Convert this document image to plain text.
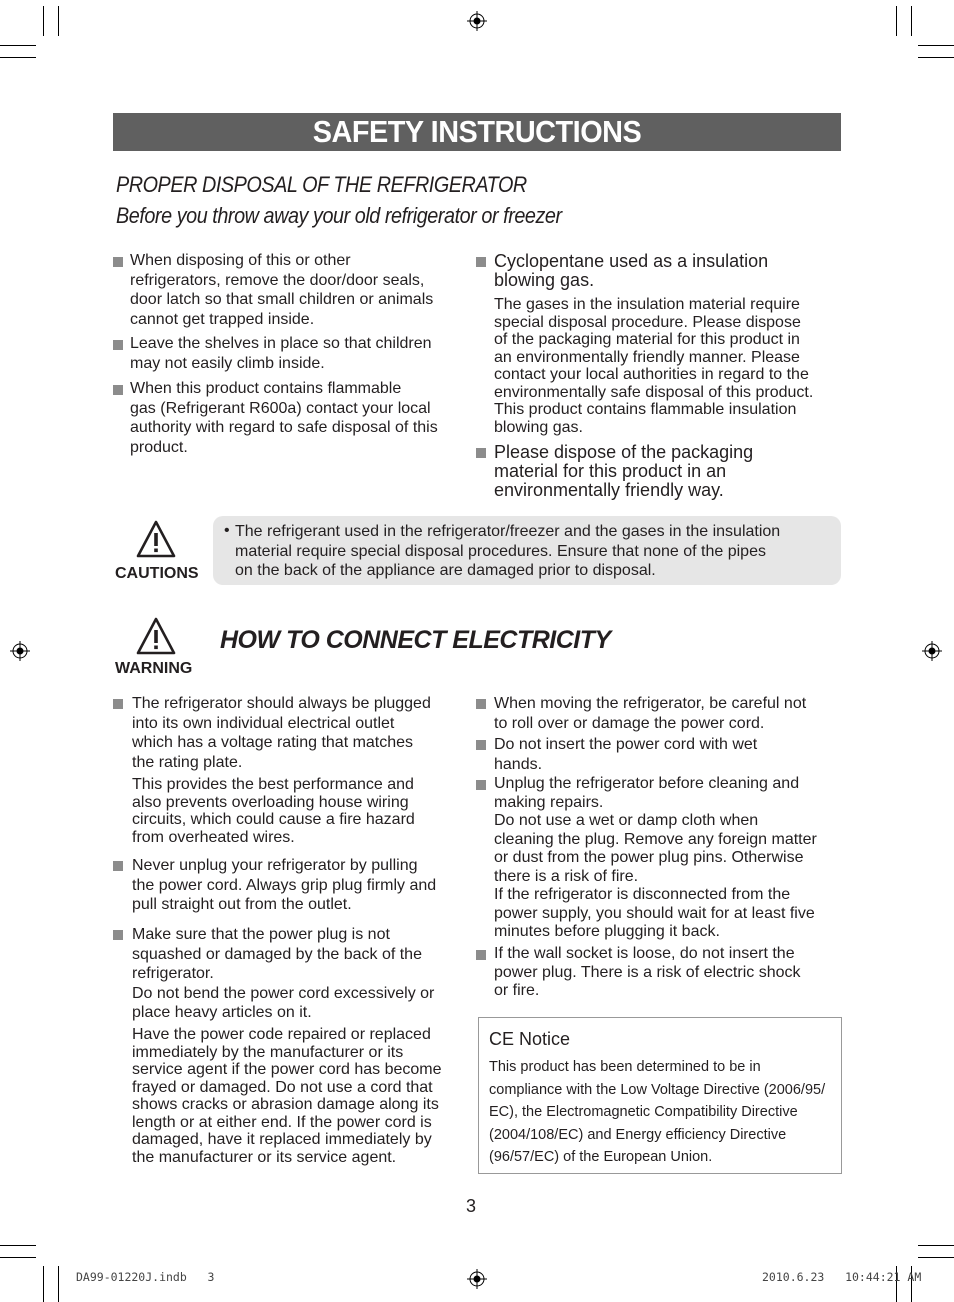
SAFETY INSTRUCTIONS
PROPER DISPOSAL OF THE REFRIGERATOR
Before you throw away your old refrigerator or freezer
When disposing of this or other
refrigerators, remove the door/door seals,
door latch so that small children or animals
cannot get trapped inside.
Leave the shelves in place so that children
may not easily climb inside.
When this product contains flammable
gas (Refrigerant R600a) contact your local
authority with regard to safe disposal of this
product.
Cyclopentane used as a insulation
blowing gas.
The gases in the insulation material require
special disposal procedure. Please dispose
of the packaging material for this product in
an environmentally friendly manner. Please
contact your local authorities in regard to the
environmentally safe disposal of this product.
This product contains flammable insulation
blowing gas.
Please dispose of the packaging
material for this product in an
environmentally friendly way.
CAUTIONS
• The refrigerant used in the refrigerator/freezer and the gases in the insulation
material require special disposal procedures. Ensure that none of the pipes
on the back of the appliance are damaged prior to disposal.
WARNING
HOW TO CONNECT ELECTRICITY
The refrigerator should always be plugged
into its own individual electrical outlet
which has a voltage rating that matches
the rating plate.
This provides the best performance and
also prevents overloading house wiring
circuits, which could cause a fire hazard
from overheated wires.
Never unplug your refrigerator by pulling
the power cord. Always grip plug firmly and
pull straight out from the outlet.
Make sure that the power plug is not
squashed or damaged by the back of the
refrigerator.
Do not bend the power cord excessively or
place heavy articles on it.
Have the power code repaired or replaced
immediately by the manufacturer or its
service agent if the power cord has become
frayed or damaged. Do not use a cord that
shows cracks or abrasion damage along its
length or at either end. If the power cord is
damaged, have it replaced immediately by
the manufacturer or its service agent.
When moving the refrigerator, be careful not
to roll over or damage the power cord.
Do not insert the power cord with wet
hands.
Unplug the refrigerator before cleaning and
making repairs.
Do not use a wet or damp cloth when
cleaning the plug. Remove any foreign matter
or dust from the power plug pins. Otherwise
there is a risk of fire.
If the refrigerator is disconnected from the
power supply, you should wait for at least five
minutes before plugging it back.
If the wall socket is loose, do not insert the
power plug. There is a risk of electric shock
or fire.
CE Notice
This product has been determined to be in
compliance with the Low Voltage Directive (2006/95/
EC), the Electromagnetic Compatibility Directive
(2004/108/EC) and Energy efficiency Directive
(96/57/EC) of the European Union.
3
DA99-01220J.indb   3	2010.6.23   10:44:21 AM
